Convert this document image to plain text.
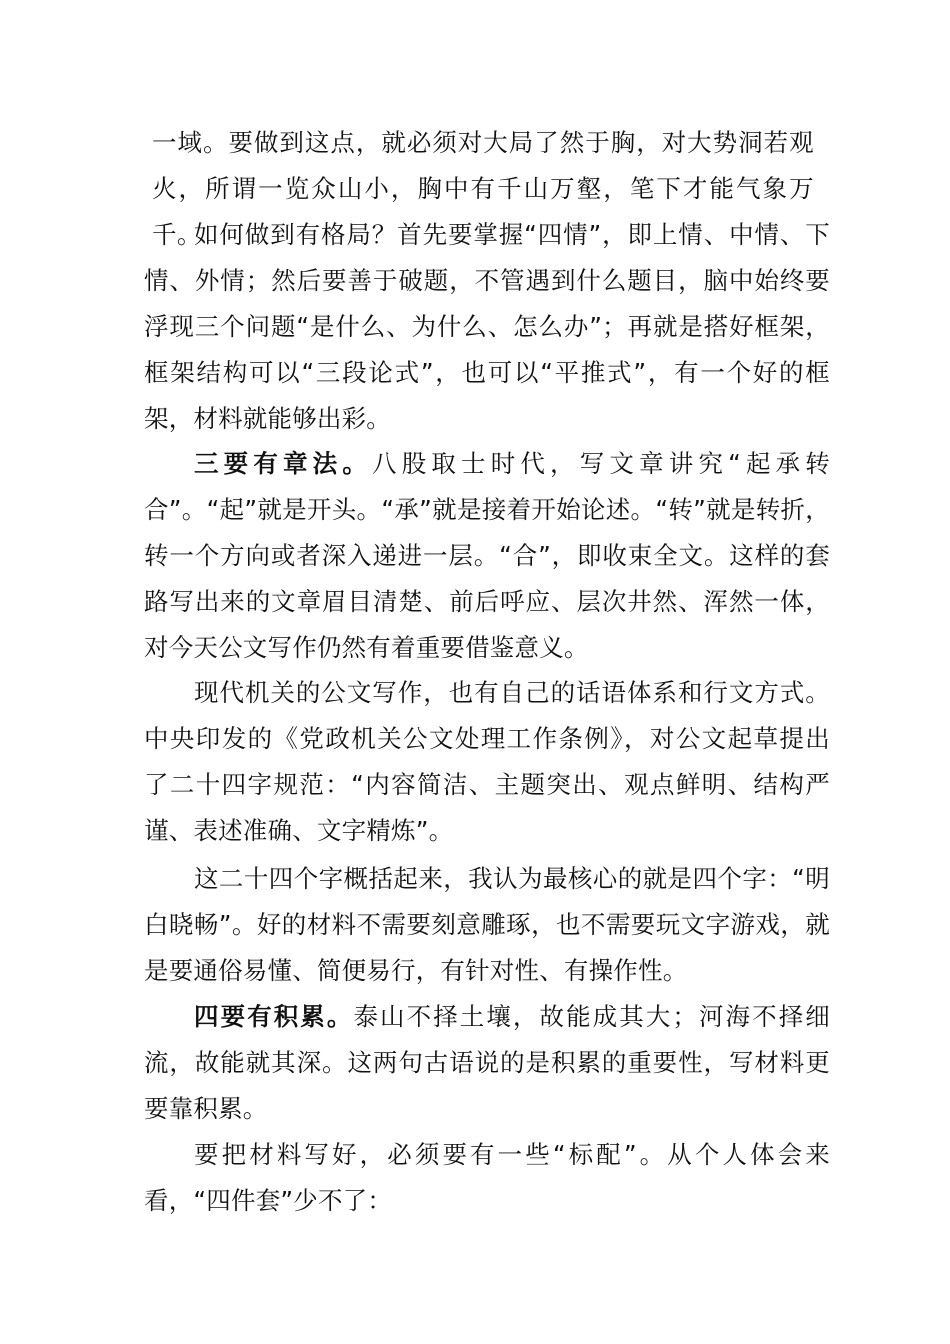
一域。要做到这点，就必须对大局了然于胸，对大势洞若观 火，所谓一览众山小，胸中有千山万壑，笔下才能气象万千。

如何做到有格局？首先要掌握“四情”，即上情、中情、下情、外情；然后要善于破题，不管遇到什么题目，脑中始终要浮现三个问题“是什么、为什么、怎么办”；再就是搭好框架，框架结构可以“三段论式”，也可以“平推式”，有一个好的框架，材料就能够出彩。

三要有章法。八股取士时代，写文章讲究“起承转合”。“起”就是开头。“承”就是接着开始论述。“转”就是转折，转一个方向或者深入递进一层。“合”，即收束全文。这样的套路写出来的文章眉目清楚、前后呼应、层次井然、浑然一体， 对今天公文写作仍然有着重要借鉴意义。

现代机关的公文写作，也有自己的话语体系和行文方式。中央印发的《党政机关公文处理工作条例》，对公文起草提出 了二十四字规范：“内容简洁、主题突出、观点鲜明、结构严 谨、表述准确、文字精炼”。

这二十四个字概括起来，我认为最核心的就是四个字：“明白晓畅”。好的材料不需要刻意雕琢，也不需要玩文字游戏，就是要通俗易懂、简便易行，有针对性、有操作性。

四要有积累。泰山不择土壤，故能成其大；河海不择细流，故能就其深。这两句古语说的是积累的重要性，写材料更要靠积累。

要把材料写好，必须要有一些“标配”。从个人体会来看，“四件套”少不了：
